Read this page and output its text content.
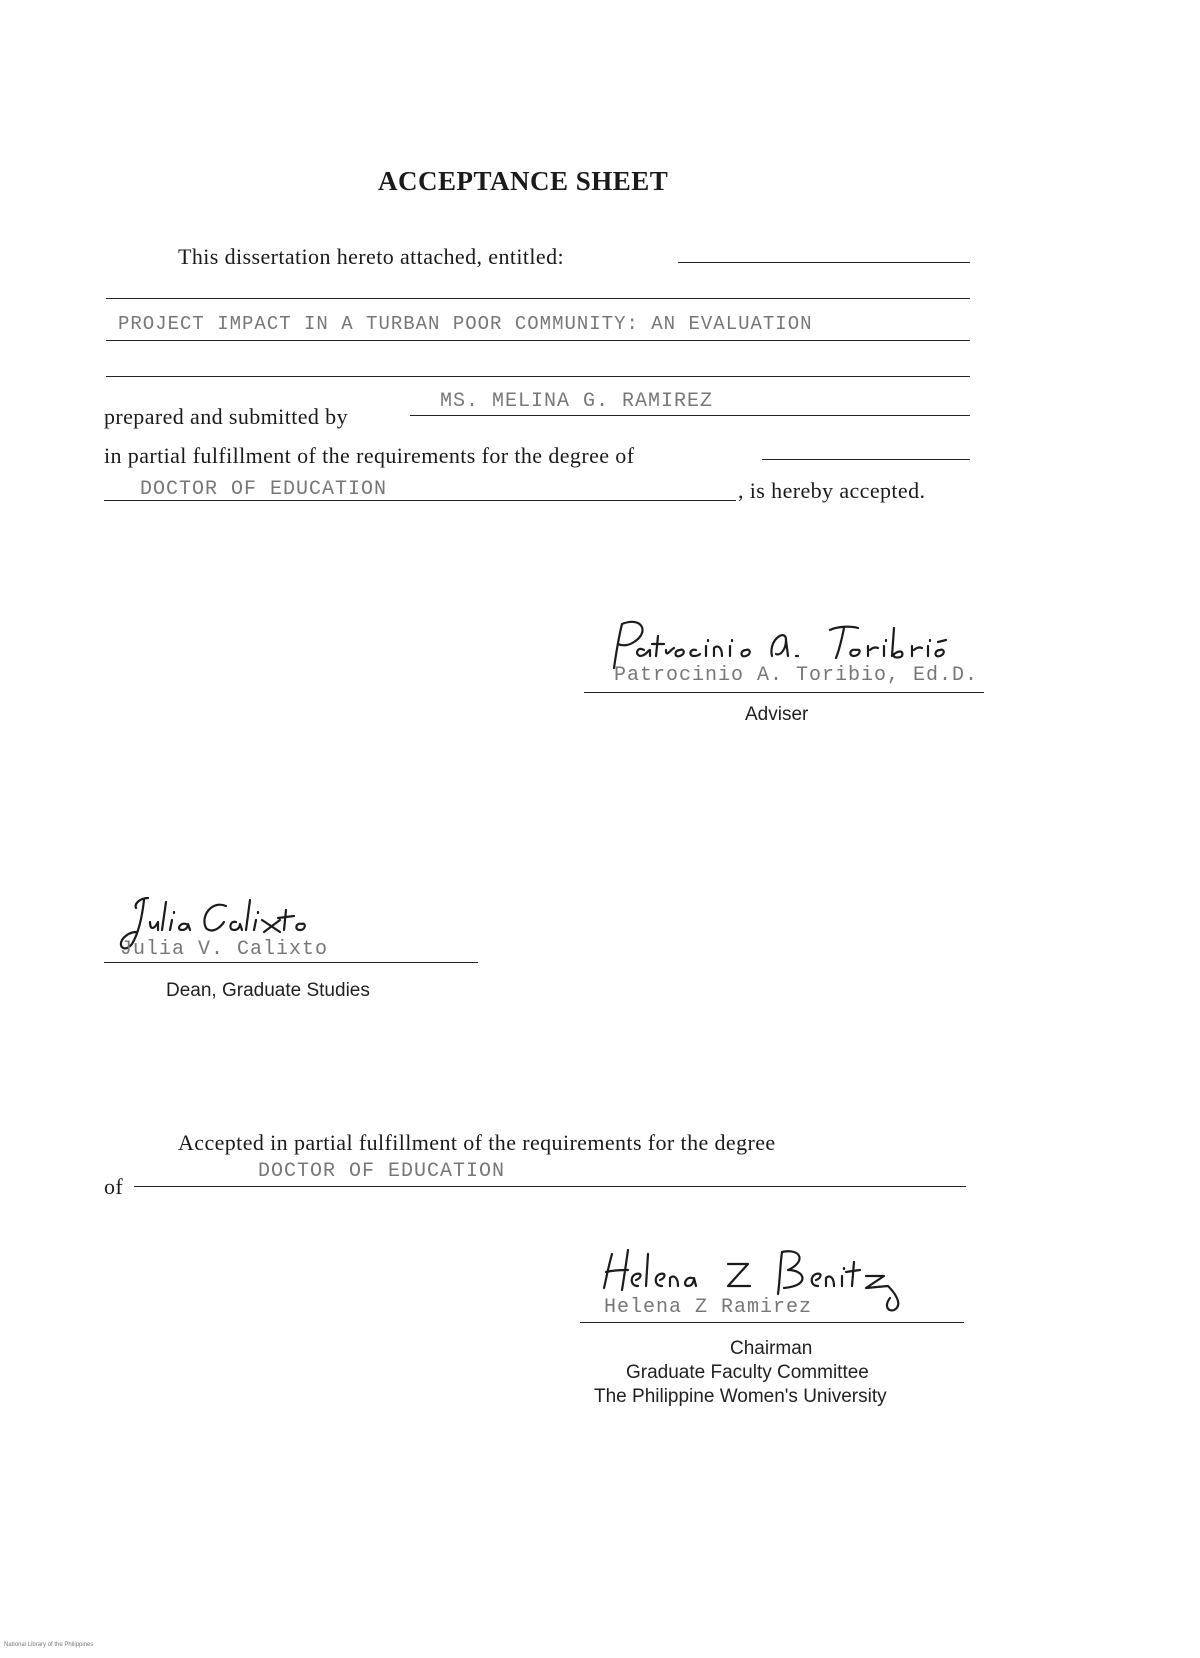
ACCEPTANCE SHEET
This dissertation hereto attached, entitled:
PROJECT IMPACT IN A TURBAN POOR COMMUNITY: AN EVALUATION
prepared and submitted by
MS. MELINA G. RAMIREZ
in partial fulfillment of the requirements for the degree of
DOCTOR OF EDUCATION	, is hereby accepted.
Patrocinio A. Toribio, Ed.D.
Adviser
Julia V. Calixto
Dean, Graduate Studies
Accepted in partial fulfillment of the requirements for the degree
of
DOCTOR OF EDUCATION
Helena Z Ramirez
Chairman
Graduate Faculty Committee
The Philippine Women's University
National Library of the Philippines
